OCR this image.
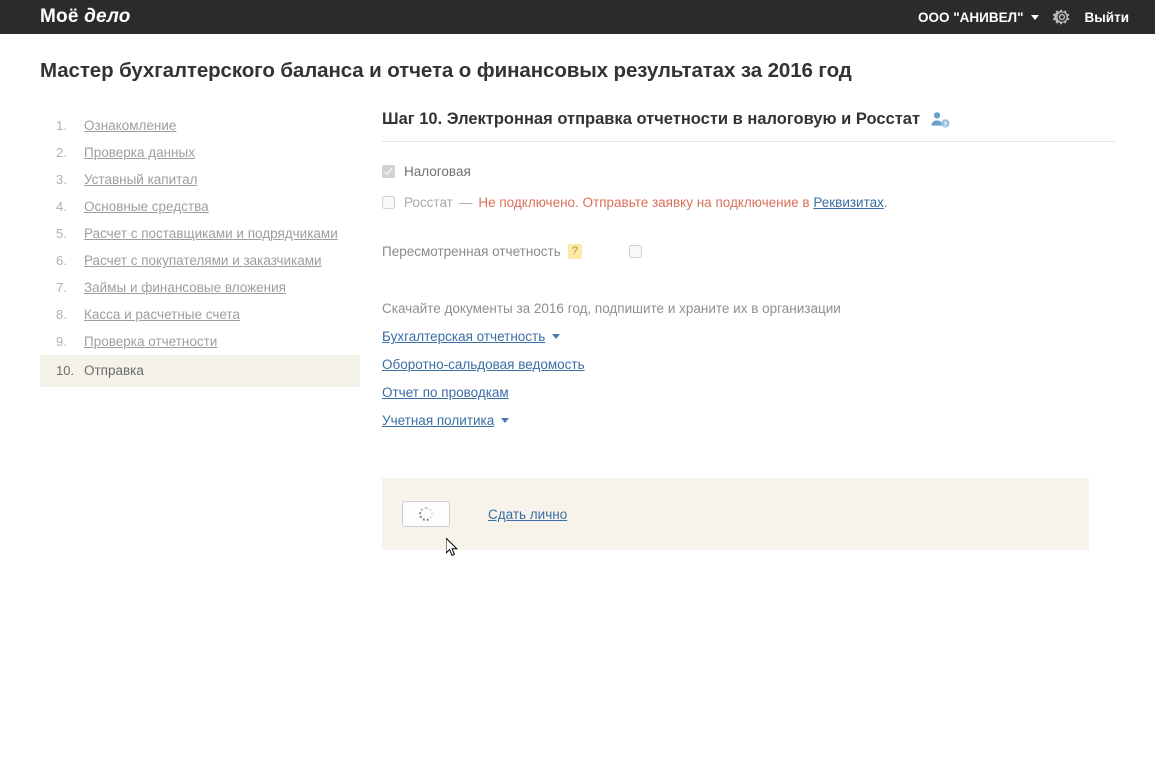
Моё дело	ООО "АНИВЕЛ"	Выйти
Мастер бухгалтерского баланса и отчета о финансовых результатах за 2016 год
1.	Ознакомление
2.	Проверка данных
3.	Уставный капитал
4.	Основные средства
5.	Расчет с поставщиками и подрядчиками
6.	Расчет с покупателями и заказчиками
7.	Займы и финансовые вложения
8.	Касса и расчетные счета
9.	Проверка отчетности
10. Отправка
Шаг 10. Электронная отправка отчетности в налоговую и Росстат	?
Налоговая
Росстат — Не подключено. Отправьте заявку на подключение в Реквизитах.
Пересмотренная отчетность ?
Скачайте документы за 2016 год, подпишите и храните их в организации
Бухгалтерская отчетность
Оборотно-сальдовая ведомость
Отчет по проводкам
Учетная политика
Сдать лично
